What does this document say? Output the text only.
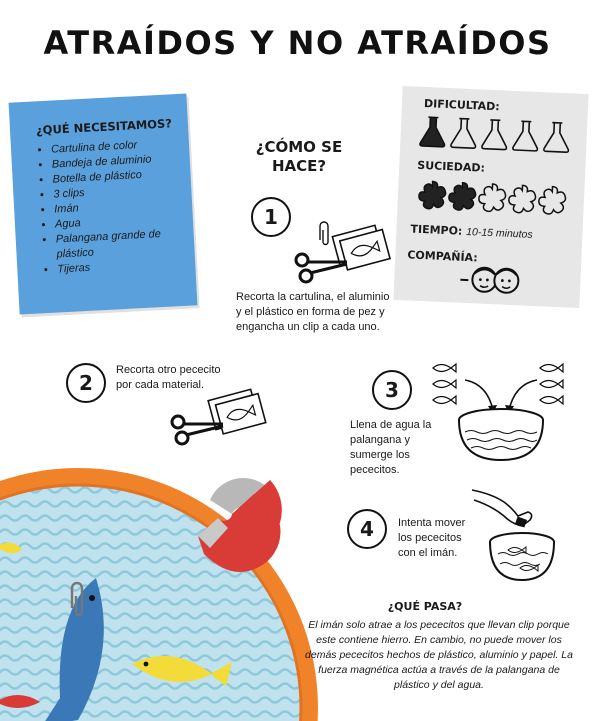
ATRAÍDOS Y NO ATRAÍDOS
¿QUÉ NECESITAMOS?
• Cartulina de color
• Bandeja de aluminio
• Botella de plástico
• 3 clips
• Imán
• Agua
• Palangana grande de plástico
• Tijeras
DIFICULTAD:
SUCIEDAD:
TIEMPO: 10-15 minutos
COMPAÑÍA:
¿CÓMO SE HACE?
1
Recorta la cartulina, el aluminio y el plástico en forma de pez y engancha un clip a cada uno.
2
Recorta otro pececito por cada material.	3
Llena de agua la palangana y sumerge los pececitos.
4	Intenta mover los pececitos con el imán.
¿QUÉ PASA?
El imán solo atrae a los pececitos que llevan clip porque este contiene hierro. En cambio, no puede mover los demás pececitos hechos de plástico, aluminio y papel. La fuerza magnética actúa a través de la palangana de plástico y del agua.
